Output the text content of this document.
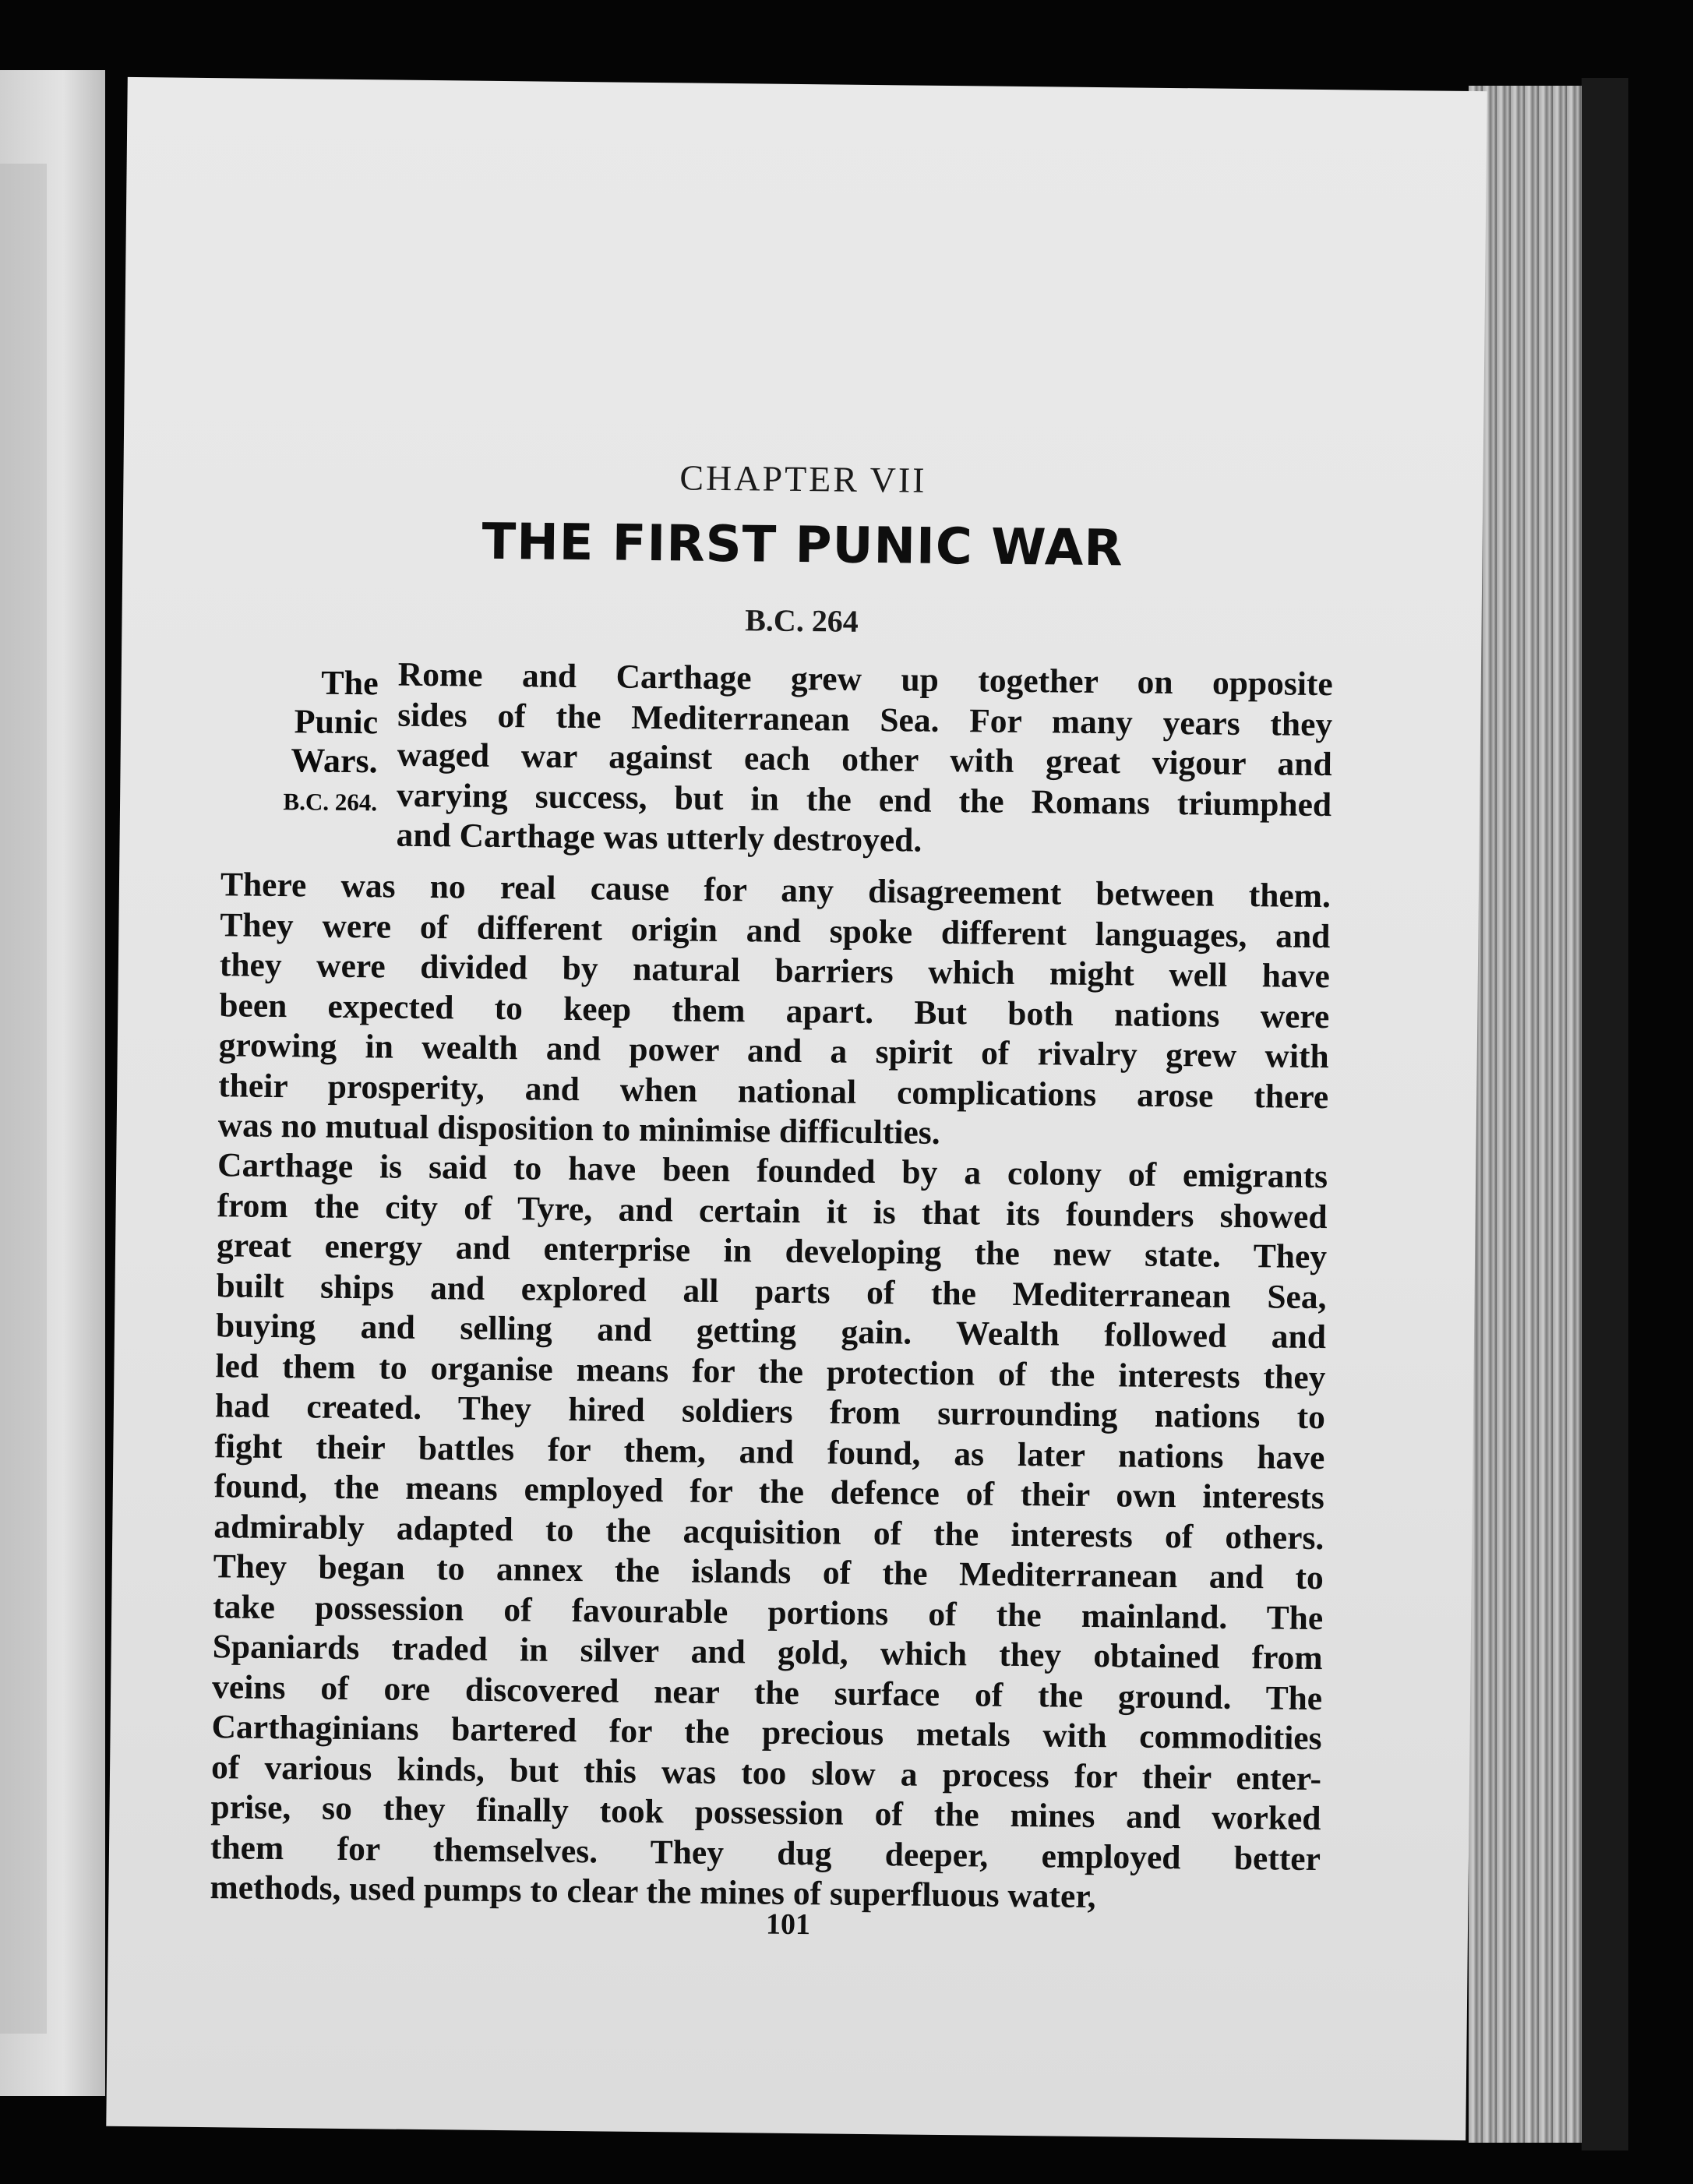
CHAPTER VII
THE FIRST PUNIC WAR
B.C. 264
The
Punic
Wars.
B.C. 264.
Rome and Carthage grew up together on opposite
sides of the Mediterranean Sea. For many years they
waged war against each other with great vigour and
varying success, but in the end the Romans triumphed
and Carthage was utterly destroyed.
There was no real cause for any disagreement between them.
They were of different origin and spoke different languages, and
they were divided by natural barriers which might well have
been expected to keep them apart. But both nations were
growing in wealth and power and a spirit of rivalry grew with
their prosperity, and when national complications arose there
was no mutual disposition to minimise difficulties.
Carthage is said to have been founded by a colony of emigrants
from the city of Tyre, and certain it is that its founders showed
great energy and enterprise in developing the new state. They
built ships and explored all parts of the Mediterranean Sea,
buying and selling and getting gain. Wealth followed and
led them to organise means for the protection of the interests they
had created. They hired soldiers from surrounding nations to
fight their battles for them, and found, as later nations have
found, the means employed for the defence of their own interests
admirably adapted to the acquisition of the interests of others.
They began to annex the islands of the Mediterranean and to
take possession of favourable portions of the mainland. The
Spaniards traded in silver and gold, which they obtained from
veins of ore discovered near the surface of the ground. The
Carthaginians bartered for the precious metals with commodities
of various kinds, but this was too slow a process for their enter-
prise, so they finally took possession of the mines and worked
them for themselves. They dug deeper, employed better
methods, used pumps to clear the mines of superfluous water,
101
